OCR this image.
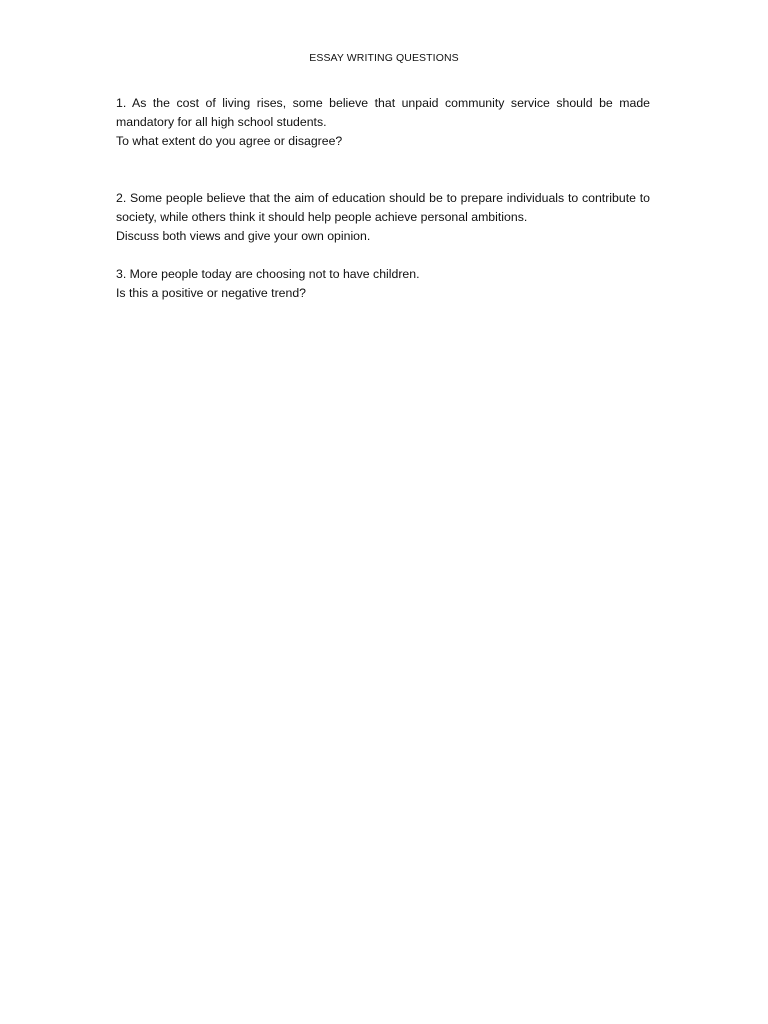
ESSAY WRITING QUESTIONS
1. As the cost of living rises, some believe that unpaid community service should be made mandatory for all high school students.
To what extent do you agree or disagree?
2. Some people believe that the aim of education should be to prepare individuals to contribute to society, while others think it should help people achieve personal ambitions.
Discuss both views and give your own opinion.
3. More people today are choosing not to have children.
Is this a positive or negative trend?
